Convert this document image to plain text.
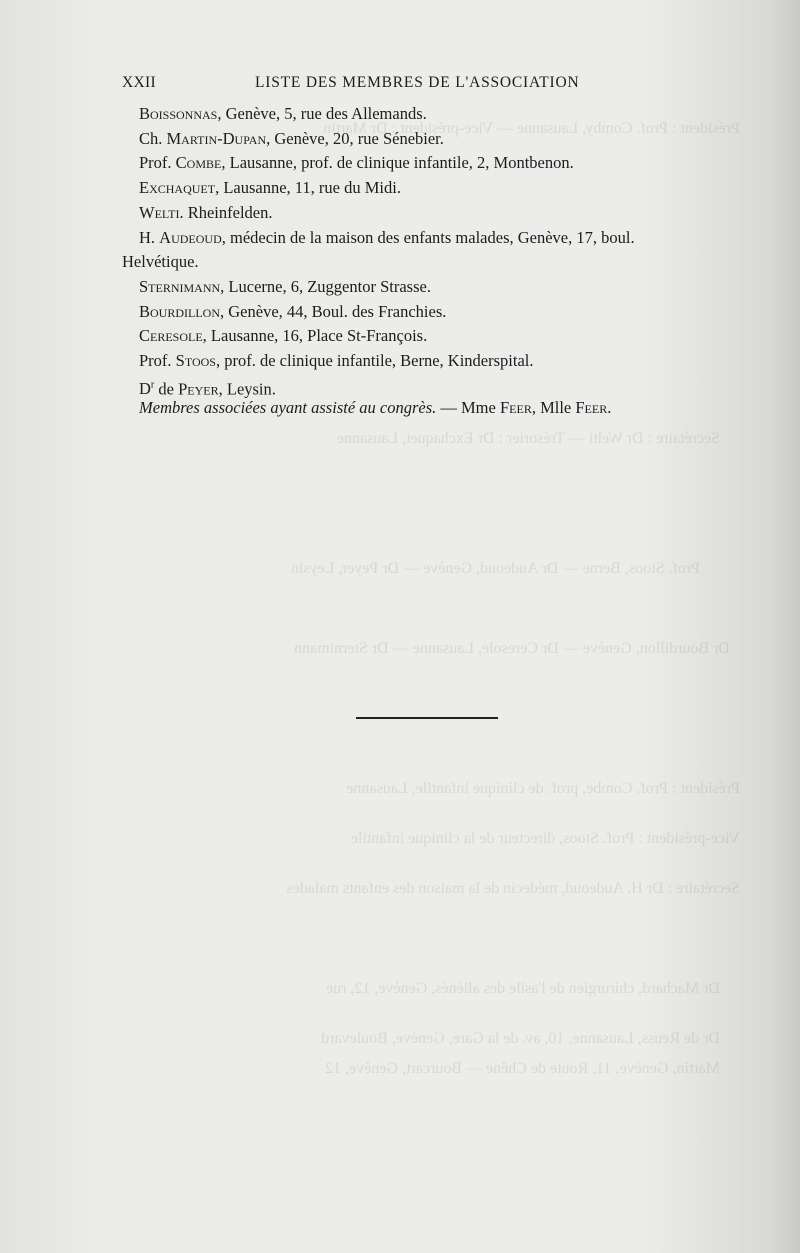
Président : Prof. Comby, Lausanne — Vice-président : Dr Martin
Secrétaire : Dr Welti — Trésorier : Dr Exchaquet, Lausanne
Prof. Stoos, Berne — Dr Audeoud, Genève — Dr Peyer, Leysin
Dr Bourdillon, Genève — Dr Ceresole, Lausanne — Dr Sternimann
Président : Prof. Combe, prof. de clinique infantile, Lausanne
Vice-président : Prof. Stoos, directeur de la clinique infantile
Secrétaire : Dr H. Audeoud, médecin de la maison des enfants malades
Dr Machard, chirurgien de l'asile des aliénés, Genève, 12, rue
Dr de Reuss, Lausanne, 10, av. de la Gare, Genève, Boulevard
Martin, Genève, 11, Route de Chêne — Bourcart, Genève, 12
XXII	LISTE DES MEMBRES DE L'ASSOCIATION
Boissonnas, Genève, 5, rue des Allemands.
Ch. Martin-Dupan, Genève, 20, rue Sénebier.
Prof. Combe, Lausanne, prof. de clinique infantile, 2, Montbenon.
Exchaquet, Lausanne, 11, rue du Midi.
Welti. Rheinfelden.
H. Audeoud, médecin de la maison des enfants malades, Genève, 17, boul.
Helvétique.
Sternimann, Lucerne, 6, Zuggentor Strasse.
Bourdillon, Genève, 44, Boul. des Franchies.
Ceresole, Lausanne, 16, Place St-François.
Prof. Stoos, prof. de clinique infantile, Berne, Kinderspital.
$D^r$ de Peyer, Leysin.
Membres associées ayant assisté au congrès. — Mme Feer, Mlle Feer.
